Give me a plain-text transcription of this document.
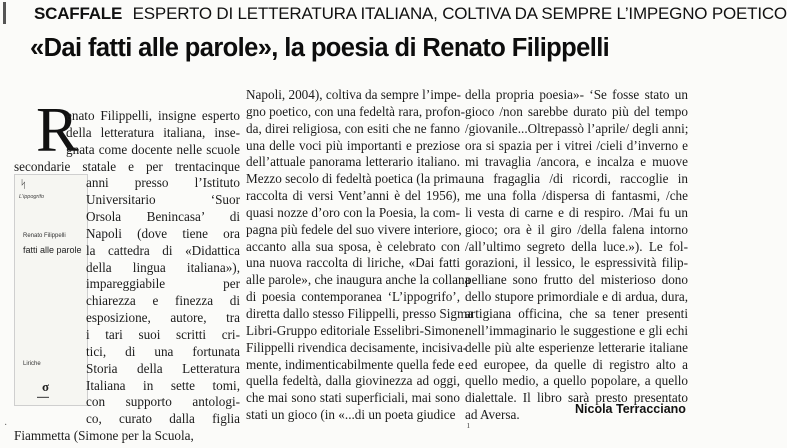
SCAFFALE ESPERTO DI LETTERATURA ITALIANA, COLTIVA DA SEMPRE L’IMPEGNO POETICO
«Dai fatti alle parole», la poesia di Renato Filippelli
R
ᛋ
L’ippogrifo
Renato Filippelli
fatti alle parole
Liriche
σ
▬▬▬
enato Filippelli, insigne esperto
della letteratura italiana, inse-
gnata come docente nelle scuole
secondarie statale e per trentacinque
anni presso l’Istituto
Universitario ‘Suor
Orsola Benincasa’ di
Napoli (dove tiene ora
la cattedra di «Didattica
della lingua italiana»),
impareggiabile per
chiarezza e finezza di
esposizione, autore, tra
i tari suoi scritti cri-
tici, di una fortunata
Storia della Letteratura
Italiana in sette tomi,
con supporto antologi-
co, curato dalla figlia
Fiammetta (Simone per la Scuola,
Napoli, 2004), coltiva da sempre l’impe-
gno poetico, con una fedeltà rara, profon-
da, direi religiosa, con esiti che ne fanno
una delle voci più importanti e preziose
dell’attuale panorama letterario italiano.
Mezzo secolo di fedeltà poetica (la prima
raccolta di versi Vent’anni è del 1956),
quasi nozze d’oro con la Poesia, la com-
pagna più fedele del suo vivere interiore,
accanto alla sua sposa, è celebrato con
una nuova raccolta di liriche, «Dai fatti
alle parole», che inaugura anche la collana
di poesia contemporanea ‘L’ippogrifo’,
diretta dallo stesso Filippelli, presso Sigma
Libri-Gruppo editoriale Esselibri-Simone.
Filippelli rivendica decisamente, incisiva-
mente, indimenticabilmente quella fede e
quella fedeltà, dalla giovinezza ad oggi,
che mai sono stati superficiali, mai sono
stati un gioco (in «...di un poeta giudice
della propria poesia»- ‘Se fosse stato un
gioco /non sarebbe durato più del tempo
/giovanile...Oltrepassò l’aprile/ degli anni;
ora si spazia per i vitrei /cieli d’inverno e
mi travaglia /ancora, e incalza e muove
una fragaglia /di ricordi, raccoglie in
me una folla /dispersa di fantasmi, /che
li vesta di carne e di respiro. /Mai fu un
gioco; ora è il giro /della falena intorno
/all’ultimo segreto della luce.»). Le fol-
gorazioni, il lessico, le espressività filip-
pelliane sono frutto del misterioso dono
dello stupore primordiale e di ardua, dura,
artigiana officina, che sa tener presenti
nell’immaginario le suggestione e gli echi
delle più alte esperienze letterarie italiane
ed europee, da quelle di registro alto a
quello medio, a quello popolare, a quello
dialettale. Il libro sarà presto presentato
ad Aversa.	Nicola Terracciano
·	ı
